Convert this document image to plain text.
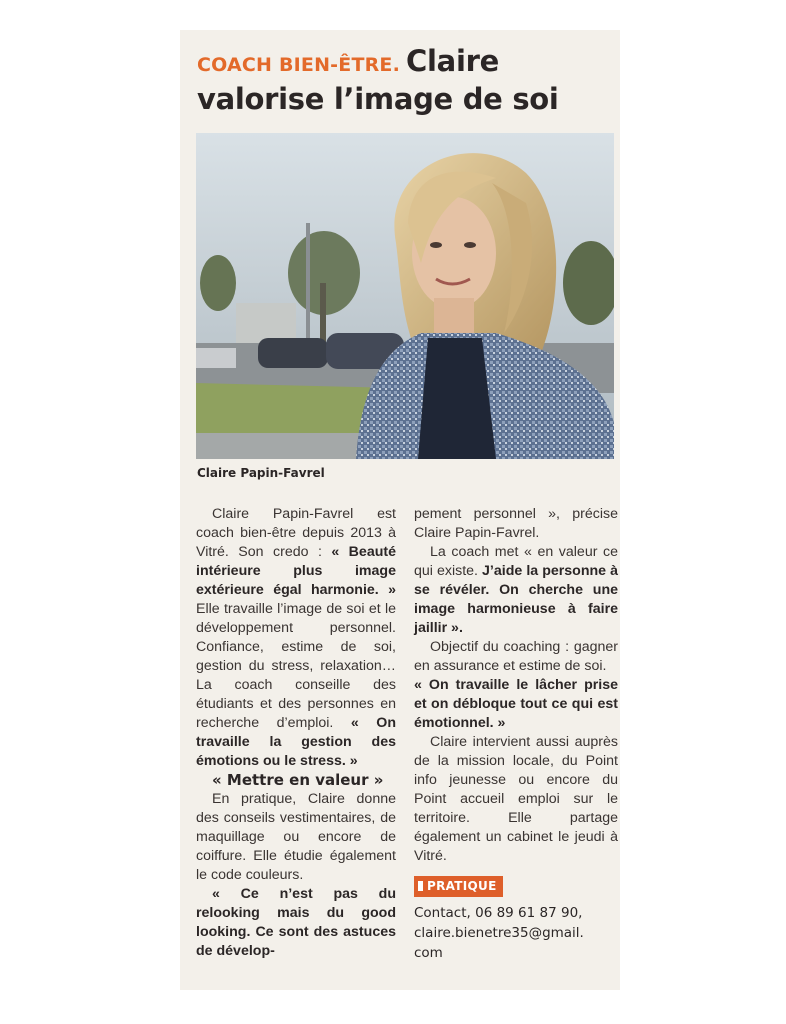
COACH BIEN-ÊTRE. Claire
valorise l’image de soi
Claire Papin-Favrel

Claire Papin-Favrel est coach bien-être depuis 2013 à Vitré. Son credo : « Beauté intérieure plus image extérieure égal harmonie. » Elle travaille l’image de soi et le développement personnel. Confiance, estime de soi, gestion du stress, relaxation… La coach conseille des étudiants et des personnes en recherche d’emploi. « On travaille la gestion des émotions ou le stress. »

« Mettre en valeur »

En pratique, Claire donne des conseils vestimentaires, de maquillage ou encore de coiffure. Elle étudie également le code couleurs.

« Ce n’est pas du relooking mais du good looking. Ce sont des astuces de dévelop-

pement personnel », précise Claire Papin-Favrel.

La coach met « en valeur ce qui existe. J’aide la personne à se révéler. On cherche une image harmonieuse à faire jaillir ».

Objectif du coaching : gagner en assurance et estime de soi.

« On travaille le lâcher prise et on débloque tout ce qui est émotionnel. »

Claire intervient aussi auprès de la mission locale, du Point info jeunesse ou encore du Point accueil emploi sur le territoire. Elle partage également un cabinet le jeudi à Vitré.

PRATIQUE
Contact, 06 89 61 87 90,
claire.bienetre35@gmail.
com
